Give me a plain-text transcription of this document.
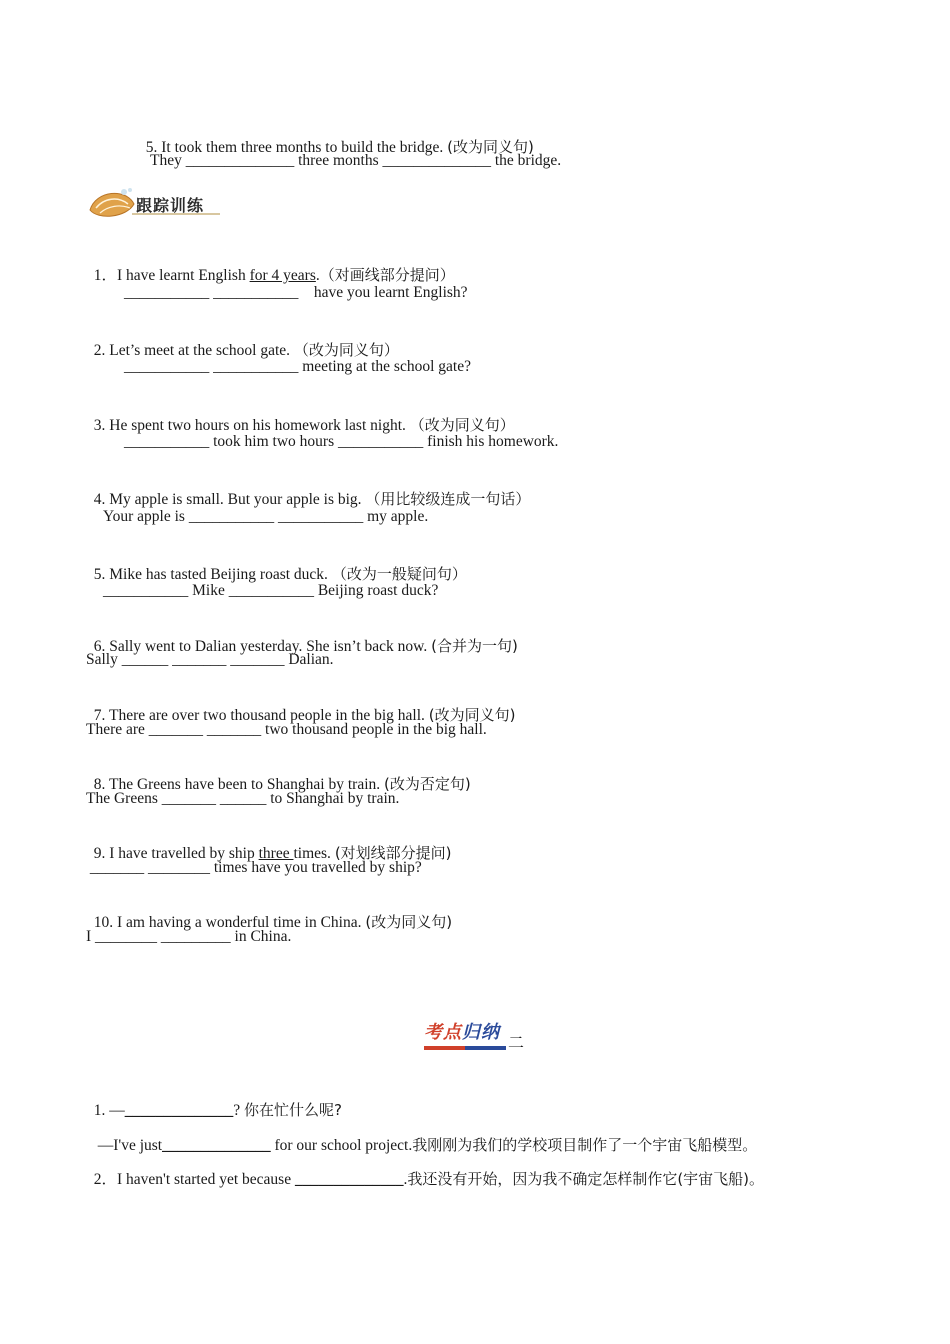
5. It took them three months to build the bridge. (改为同义句)

They ______________ three months ______________ the bridge.
跟踪训练

1．I have learnt English for 4 years.（对画线部分提问）

___________ ___________    have you learnt English?

2. Let’s meet at the school gate. （改为同义句）

___________ ___________ meeting at the school gate?

3. He spent two hours on his homework last night. （改为同义句）

___________ took him two hours ___________ finish his homework.

4. My apple is small. But your apple is big. （用比较级连成一句话）

Your apple is ___________ ___________ my apple.

5. Mike has tasted Beijing roast duck. （改为一般疑问句）

___________ Mike ___________ Beijing roast duck?

6. Sally went to Dalian yesterday. She isn’t back now. (合并为一句)

Sally ______ _______ _______ Dalian.

7. There are over two thousand people in the big hall. (改为同义句)

There are _______ _______ two thousand people in the big hall.

8. The Greens have been to Shanghai by train. (改为否定句)

The Greens _______ ______ to Shanghai by train.

9. I have travelled by ship three times. (对划线部分提问)

_______ ________ times have you travelled by ship?

10. I am having a wonderful time in China. (改为同义句)

I ________ _________ in China.
考点归纳 二

1. —______________? 你在忙什么呢?

—I've just______________ for our school project.我刚刚为我们的学校项目制作了一个宇宙飞船模型。

2．I haven't started yet because ______________.我还没有开始，因为我不确定怎样制作它(宇宙飞船)。
